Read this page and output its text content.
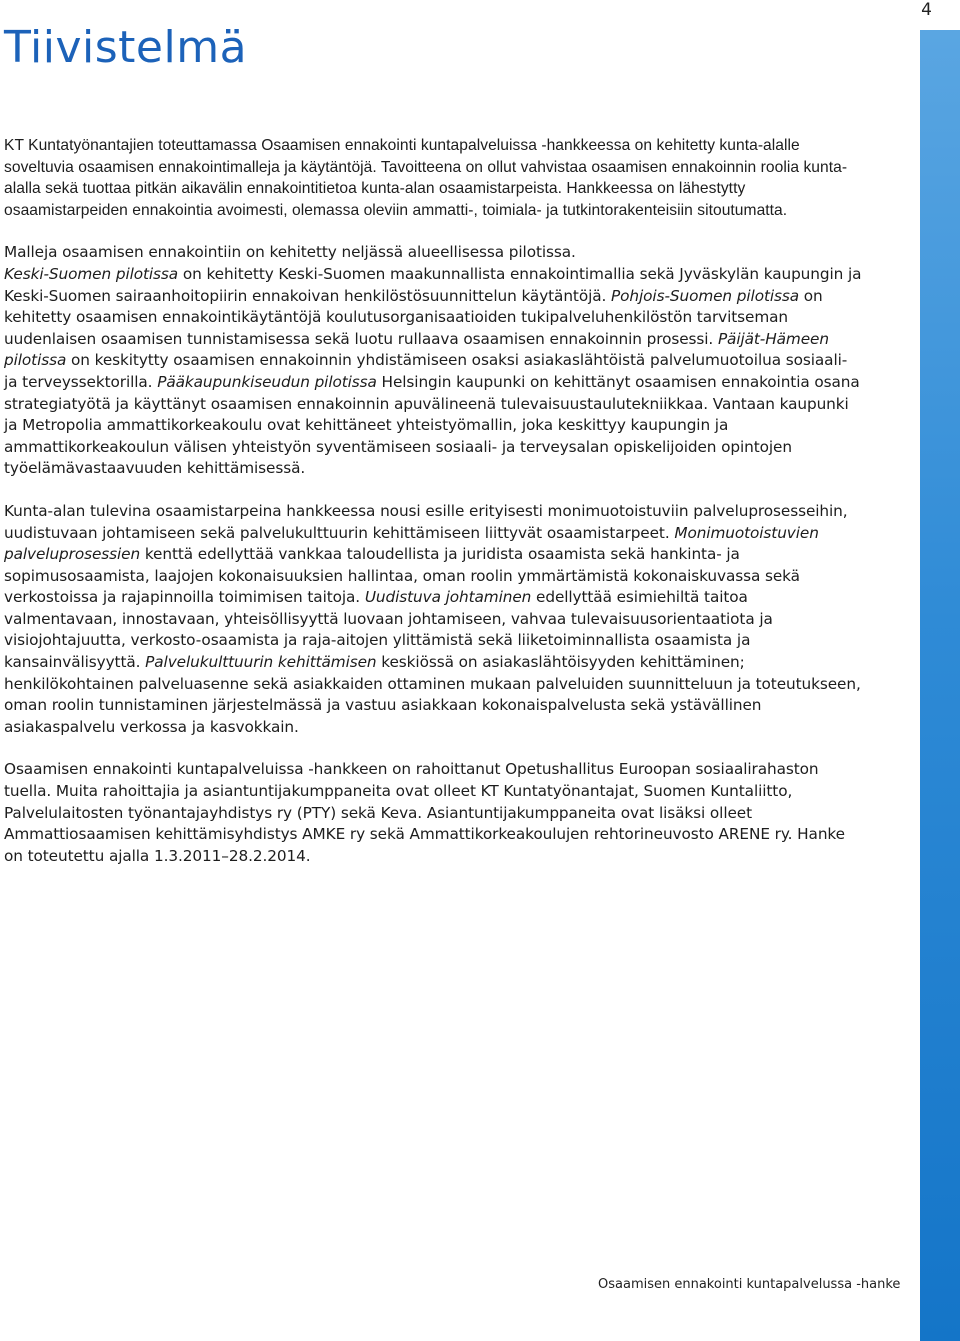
4
Tiivistelmä

KT Kuntatyönantajien toteuttamassa Osaamisen ennakointi kuntapalveluissa -hankkeessa on kehitetty kunta-alalle soveltuvia osaamisen ennakointimalleja ja käytäntöjä. Tavoitteena on ollut vahvistaa osaamisen ennakoinnin roolia kunta-alalla sekä tuottaa pitkän aikavälin ennakointitietoa kunta-alan osaamistarpeista. Hankkeessa on lähestytty osaamistarpeiden ennakointia avoimesti, olemassa oleviin ammatti-, toimiala- ja tutkintorakenteisiin sitoutumatta.

Malleja osaamisen ennakointiin on kehitetty neljässä alueellisessa pilotissa.

Keski-Suomen pilotissa on kehitetty Keski-Suomen maakunnallista ennakointimallia sekä Jyväskylän kaupungin ja Keski-Suomen sairaanhoitopiirin ennakoivan henkilöstösuunnittelun käytäntöjä. Pohjois-Suomen pilotissa on kehitetty osaamisen ennakointikäytäntöjä koulutusorganisaatioiden tukipalveluhenkilöstön tarvitseman uudenlaisen osaamisen tunnistamisessa sekä luotu rullaava osaamisen ennakoinnin prosessi. Päijät-Hämeen pilotissa on keskitytty osaamisen ennakoinnin yhdistämiseen osaksi asiakaslähtöistä palvelumuotoilua sosiaali- ja terveyssektorilla. Pääkaupunkiseudun pilotissa Helsingin kaupunki on kehittänyt osaamisen ennakointia osana strategiatyötä ja käyttänyt osaamisen ennakoinnin apuvälineenä tulevaisuustaulutekniikkaa. Vantaan kaupunki ja Metropolia ammattikorkeakoulu ovat kehittäneet yhteistyömallin, joka keskittyy kaupungin ja ammattikorkeakoulun välisen yhteistyön syventämiseen sosiaali- ja terveysalan opiskelijoiden opintojen työelämävastaavuuden kehittämisessä.

Kunta-alan tulevina osaamistarpeina hankkeessa nousi esille erityisesti monimuotoistuviin palveluprosesseihin, uudistuvaan johtamiseen sekä palvelukulttuurin kehittämiseen liittyvät osaamistarpeet. Monimuotoistuvien palveluprosessien kenttä edellyttää vankkaa taloudellista ja juridista osaamista sekä hankinta- ja sopimusosaamista, laajojen kokonaisuuksien hallintaa, oman roolin ymmärtämistä kokonaiskuvassa sekä verkostoissa ja rajapinnoilla toimimisen taitoja. Uudistuva johtaminen edellyttää esimiehiltä taitoa valmentavaan, innostavaan, yhteisöllisyyttä luovaan johtamiseen, vahvaa tulevaisuusorientaatiota ja visiojohtajuutta, verkosto-osaamista ja raja-aitojen ylittämistä sekä liiketoiminnallista osaamista ja kansainvälisyyttä. Palvelukulttuurin kehittämisen keskiössä on asiakaslähtöisyyden kehittäminen; henkilökohtainen palveluasenne sekä asiakkaiden ottaminen mukaan palveluiden suunnitteluun ja toteutukseen, oman roolin tunnistaminen järjestelmässä ja vastuu asiakkaan kokonaispalvelusta sekä ystävällinen asiakaspalvelu verkossa ja kasvokkain.

Osaamisen ennakointi kuntapalveluissa -hankkeen on rahoittanut Opetushallitus Euroopan sosiaalirahaston tuella. Muita rahoittajia ja asiantuntijakumppaneita ovat olleet KT Kuntatyönantajat, Suomen Kuntaliitto, Palvelulaitosten työnantajayhdistys ry (PTY) sekä Keva. Asiantuntijakumppaneita ovat lisäksi olleet Ammattiosaamisen kehittämisyhdistys AMKE ry sekä Ammattikorkeakoulujen rehtorineuvosto ARENE ry. Hanke on toteutettu ajalla 1.3.2011–28.2.2014.

Osaamisen ennakointi kuntapalvelussa -hanke
